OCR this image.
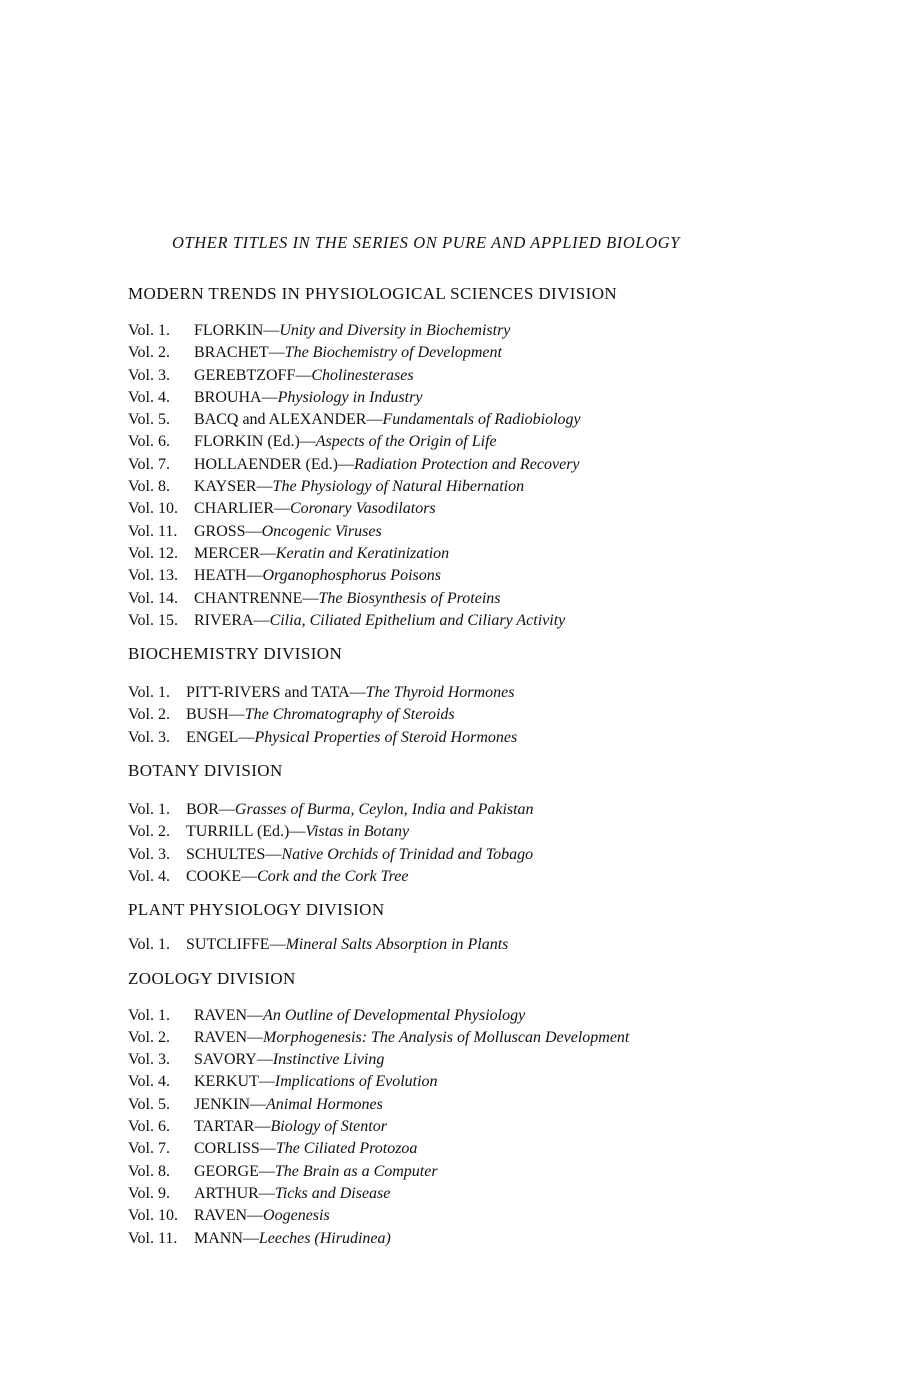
OTHER TITLES IN THE SERIES ON PURE AND APPLIED BIOLOGY
MODERN TRENDS IN PHYSIOLOGICAL SCIENCES DIVISION
Vol. 1.	FLORKIN— Unity and Diversity in Biochemistry
Vol. 2.	BRACHET— The Biochemistry of Development
Vol. 3.	GEREBTZOFF— Cholinesterases
Vol. 4.	BROUHA— Physiology in Industry
Vol. 5.	BACQ and ALEXANDER— Fundamentals of Radiobiology
Vol. 6.	FLORKIN (Ed.)— Aspects of the Origin of Life
Vol. 7.	HOLLAENDER (Ed.)— Radiation Protection and Recovery
Vol. 8.	KAYSER— The Physiology of Natural Hibernation
Vol. 10.	CHARLIER— Coronary Vasodilators
Vol. 11.	GROSS— Oncogenic Viruses
Vol. 12.	MERCER— Keratin and Keratinization
Vol. 13.	HEATH— Organophosphorus Poisons
Vol. 14.	CHANTRENNE— The Biosynthesis of Proteins
Vol. 15.	RIVERA— Cilia, Ciliated Epithelium and Ciliary Activity
BIOCHEMISTRY DIVISION
Vol. 1.	PITT-RIVERS and TATA— The Thyroid Hormones
Vol. 2.	BUSH— The Chromatography of Steroids
Vol. 3.	ENGEL— Physical Properties of Steroid Hormones
BOTANY DIVISION
Vol. 1.	BOR— Grasses of Burma, Ceylon, India and Pakistan
Vol. 2.	TURRILL (Ed.)— Vistas in Botany
Vol. 3.	SCHULTES— Native Orchids of Trinidad and Tobago
Vol. 4.	COOKE— Cork and the Cork Tree
PLANT PHYSIOLOGY DIVISION
Vol. 1.	SUTCLIFFE— Mineral Salts Absorption in Plants
ZOOLOGY DIVISION
Vol. 1.	RAVEN— An Outline of Developmental Physiology
Vol. 2.	RAVEN— Morphogenesis: The Analysis of Molluscan Development
Vol. 3.	SAVORY— Instinctive Living
Vol. 4.	KERKUT— Implications of Evolution
Vol. 5.	JENKIN— Animal Hormones
Vol. 6.	TARTAR— Biology of Stentor
Vol. 7.	CORLISS— The Ciliated Protozoa
Vol. 8.	GEORGE— The Brain as a Computer
Vol. 9.	ARTHUR— Ticks and Disease
Vol. 10.	RAVEN— Oogenesis
Vol. 11.	MANN— Leeches (Hirudinea)
